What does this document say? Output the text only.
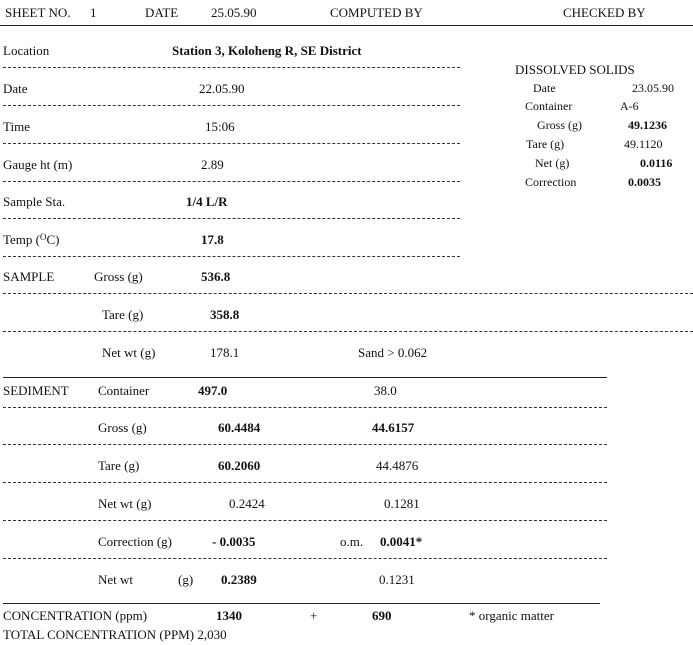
SHEET NO. 1	DATE	25.05.90	COMPUTED BY	CHECKED BY
Location	Station 3, Koloheng R, SE District
Date	22.05.90
Time	15:06
Gauge ht (m)	2.89
Sample Sta.	1/4 L/R
Temp ($^O$C)	17.8
SAMPLE	Gross (g)	536.8
Tare (g)	358.8
Net wt (g)	178.1	Sand > 0.062
SEDIMENT Container	497.0	38.0
Gross (g)	60.4484	44.6157
Tare (g)	60.2060	44.4876
Net wt (g)	0.2424	0.1281
Correction (g)	- 0.0035	o.m. 0.0041*
Net wt	(g) 0.2389	0.1231
CONCENTRATION (ppm)	1340	+	690	* organic matter
TOTAL CONCENTRATION (PPM) 2,030
DISSOLVED SOLIDS
Date	23.05.90
Container	A-6
Gross (g)	49.1236
Tare (g)	49.1120
Net (g)	0.0116
Correction	0.0035
